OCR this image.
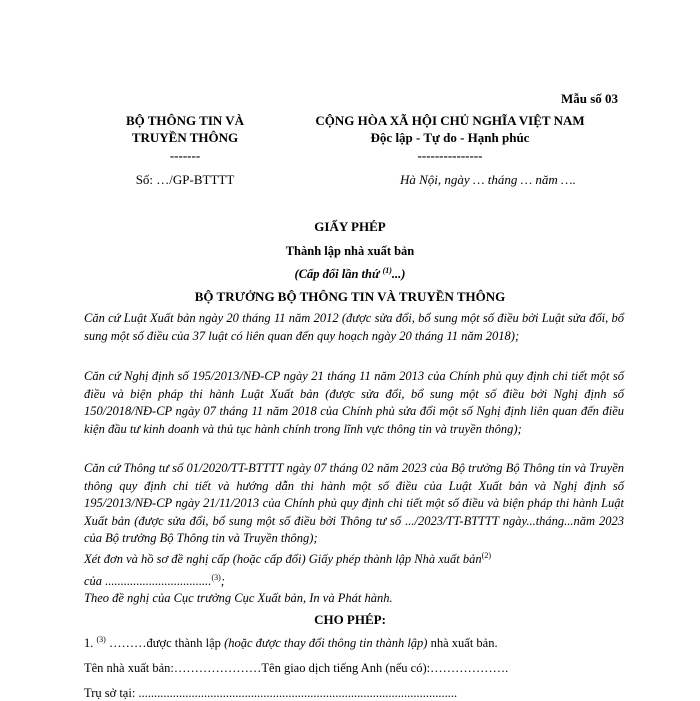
Mẫu số 03
BỘ THÔNG TIN VÀ
TRUYỀN THÔNG
-------
CỘNG HÒA XÃ HỘI CHỦ NGHĨA VIỆT NAM
Độc lập - Tự do - Hạnh phúc
---------------
Số: …/GP-BTTTT	Hà Nội, ngày … tháng … năm ….
GIẤY PHÉP
Thành lập nhà xuất bản
(Cấp đổi lần thứ $^{(1)}$...)
BỘ TRƯỞNG BỘ THÔNG TIN VÀ TRUYỀN THÔNG
Căn cứ Luật Xuất bản ngày 20 tháng 11 năm 2012 (được sửa đổi, bổ sung một số điều bởi Luật sửa đổi, bổ sung một số điều của 37 luật có liên quan đến quy hoạch ngày 20 tháng 11 năm 2018);
Căn cứ Nghị định số 195/2013/NĐ-CP ngày 21 tháng 11 năm 2013 của Chính phủ quy định chi tiết một số điều và biện pháp thi hành Luật Xuất bản (được sửa đổi, bổ sung một số điều bởi Nghị định số 150/2018/NĐ-CP ngày 07 tháng 11 năm 2018 của Chính phủ sửa đổi một số Nghị định liên quan đến điều kiện đầu tư kinh doanh và thủ tục hành chính trong lĩnh vực thông tin và truyền thông);
Căn cứ Thông tư số 01/2020/TT-BTTTT ngày 07 tháng 02 năm 2023 của Bộ trưởng Bộ Thông tin và Truyền thông quy định chi tiết và hướng dẫn thi hành một số điều của Luật Xuất bản và Nghị định số 195/2013/NĐ-CP ngày 21/11/2013 của Chính phủ quy định chi tiết một số điều và biện pháp thi hành Luật Xuất bản (được sửa đổi, bổ sung một số điều bởi Thông tư số .../2023/TT-BTTTT ngày...tháng...năm 2023 của Bộ trưởng Bộ Thông tin và Truyền thông);
Xét đơn và hồ sơ đề nghị cấp (hoặc cấp đổi) Giấy phép thành lập Nhà xuất bản$^{(2)}$
của ..................................$^{(3)}$;
Theo đề nghị của Cục trưởng Cục Xuất bản, In và Phát hành.
CHO PHÉP:
1. $^{(3)}$ ………được thành lập (hoặc được thay đổi thông tin thành lập) nhà xuất bản.
Tên nhà xuất bản:…………………Tên giao dịch tiếng Anh (nếu có):……………….
Trụ sở tại: ......................................................................................................
